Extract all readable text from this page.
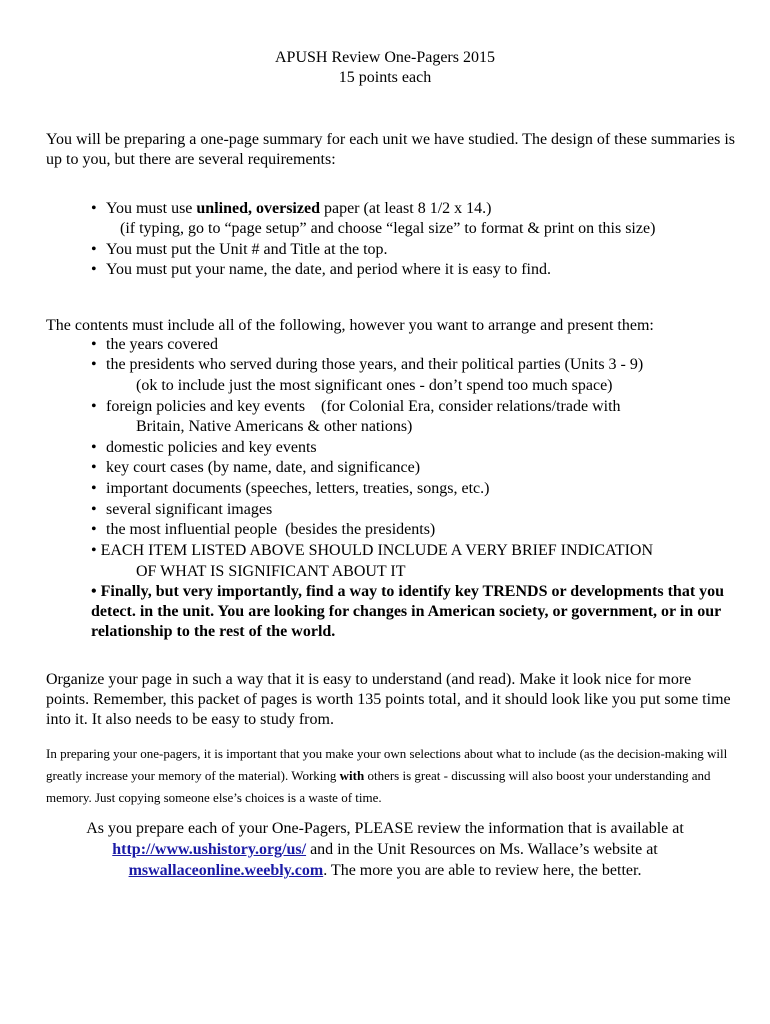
APUSH Review One-Pagers 2015
15 points each

You will be preparing a one-page summary for each unit we have studied. The design of these summaries is up to you, but there are several requirements:

• You must use unlined, oversized paper (at least 8 1/2 x 14.)
(if typing, go to “page setup” and choose “legal size” to format & print on this size)
• You must put the Unit # and Title at the top.
• You must put your name, the date, and period where it is easy to find.
The contents must include all of the following, however you want to arrange and present them:
• the years covered
• the presidents who served during those years, and their political parties (Units 3 - 9)
(ok to include just the most significant ones - don’t spend too much space)
• foreign policies and key events    (for Colonial Era, consider relations/trade with
Britain, Native Americans & other nations)
• domestic policies and key events
• key court cases (by name, date, and significance)
• important documents (speeches, letters, treaties, songs, etc.)
• several significant images
• the most influential people  (besides the presidents)
• EACH ITEM LISTED ABOVE SHOULD INCLUDE A VERY BRIEF INDICATION
OF WHAT IS SIGNIFICANT ABOUT IT

• Finally, but very importantly, find a way to identify key TRENDS or developments that you detect. in the unit. You are looking for changes in American society, or government, or in our relationship to the rest of the world.

Organize your page in such a way that it is easy to understand (and read). Make it look nice for more points. Remember, this packet of pages is worth 135 points total, and it should look like you put some time into it. It also needs to be easy to study from.

In preparing your one-pagers, it is important that you make your own selections about what to include (as the decision-making will greatly increase your memory of the material). Working with others is great - discussing will also boost your understanding and memory. Just copying someone else’s choices is a waste of time.

As you prepare each of your One-Pagers, PLEASE review the information that is available at
http://www.ushistory.org/us/ and in the Unit Resources on Ms. Wallace’s website at
mswallaceonline.weebly.com. The more you are able to review here, the better.
